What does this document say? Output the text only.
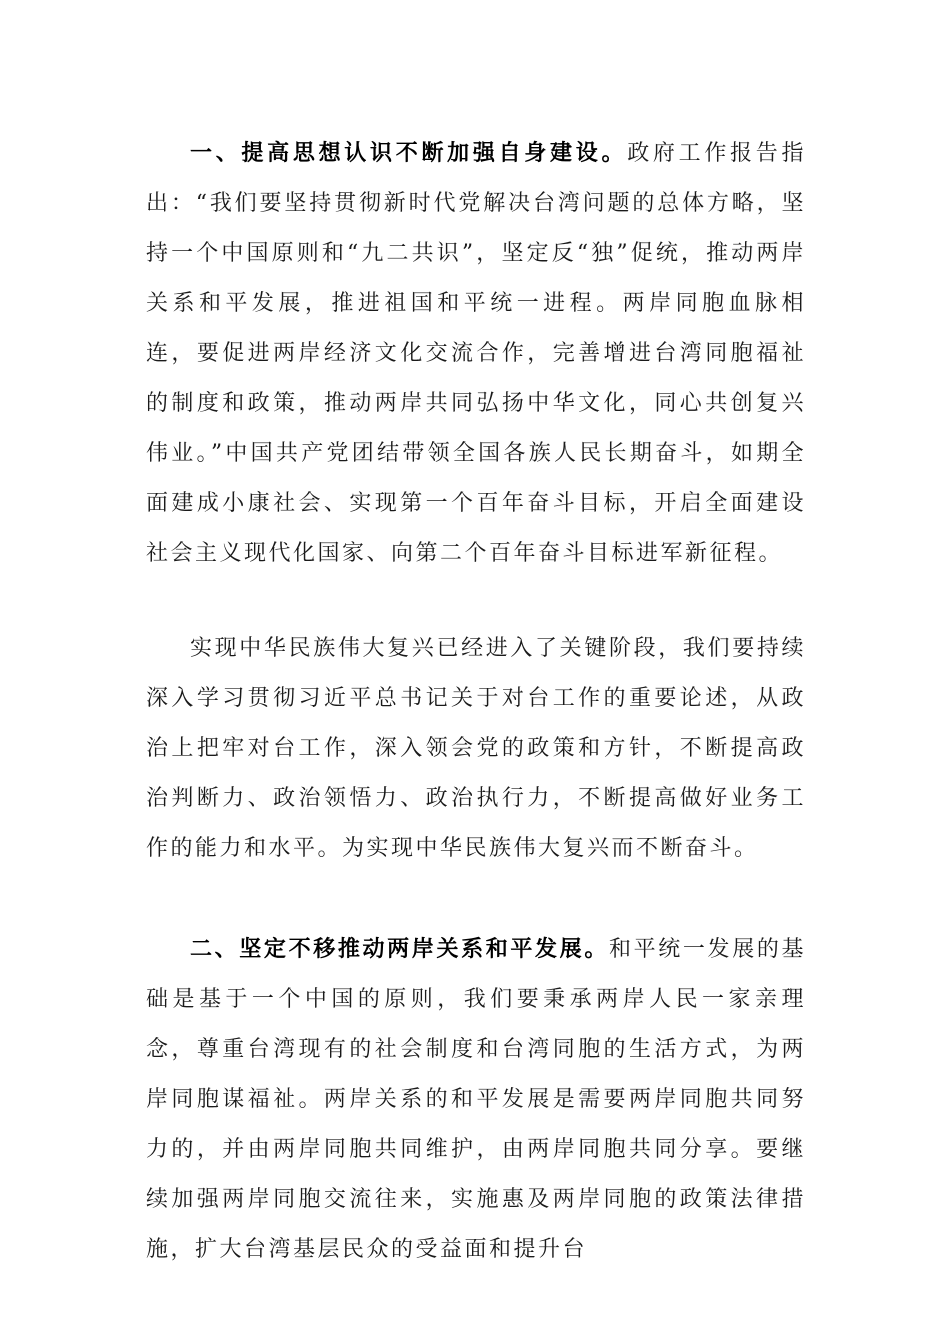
一、提高思想认识不断加强自身建设。政府工作报告指出：“我们要坚持贯彻新时代党解决台湾问题的总体方略，坚持一个中国原则和“九二共识”，坚定反“独”促统，推动两岸关系和平发展，推进祖国和平统一进程。两岸同胞血脉相连，要促进两岸经济文化交流合作，完善增进台湾同胞福祉的制度和政策，推动两岸共同弘扬中华文化，同心共创复兴伟业。”中国共产党团结带领全国各族人民长期奋斗，如期全面建成小康社会、实现第一个百年奋斗目标，开启全面建设社会主义现代化国家、向第二个百年奋斗目标进军新征程。

实现中华民族伟大复兴已经进入了关键阶段，我们要持续深入学习贯彻习近平总书记关于对台工作的重要论述，从政治上把牢对台工作，深入领会党的政策和方针，不断提高政治判断力、政治领悟力、政治执行力，不断提高做好业务工作的能力和水平。为实现中华民族伟大复兴而不断奋斗。

二、坚定不移推动两岸关系和平发展。和平统一发展的基础是基于一个中国的原则，我们要秉承两岸人民一家亲理念，尊重台湾现有的社会制度和台湾同胞的生活方式，为两岸同胞谋福祉。两岸关系的和平发展是需要两岸同胞共同努力的，并由两岸同胞共同维护，由两岸同胞共同分享。要继续加强两岸同胞交流往来，实施惠及两岸同胞的政策法律措施，扩大台湾基层民众的受益面和提升台
